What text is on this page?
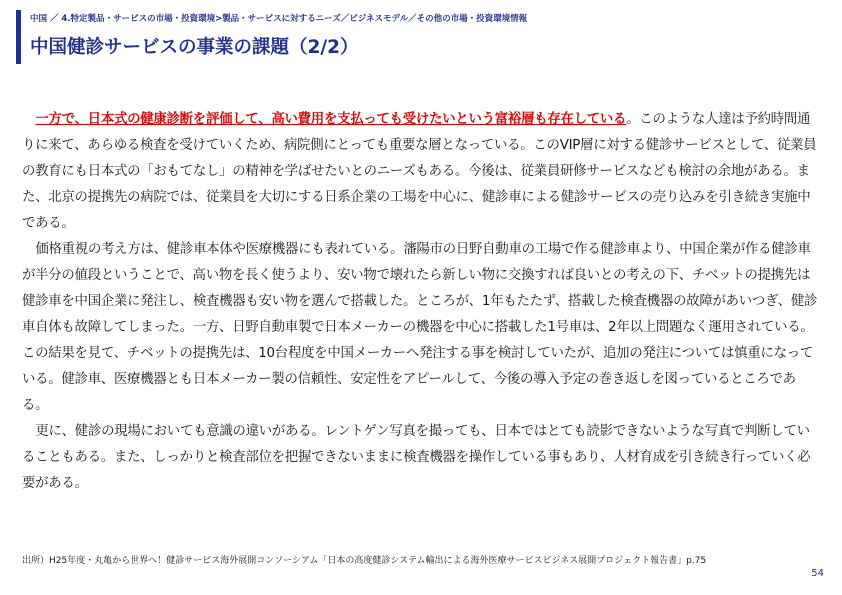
中国 ／ 4.特定製品・サービスの市場・投資環境>製品・サービスに対するニーズ／ビジネスモデル／その他の市場・投資環境情報
中国健診サービスの事業の課題（2/2）

一方で、日本式の健康診断を評価して、高い費用を支払っても受けたいという富裕層も存在している。このような人達は予約時間通りに来て、あらゆる検査を受けていくため、病院側にとっても重要な層となっている。このVIP層に対する健診サービスとして、従業員の教育にも日本式の「おもてなし」の精神を学ばせたいとのニーズもある。今後は、従業員研修サービスなども検討の余地がある。また、北京の提携先の病院では、従業員を大切にする日系企業の工場を中心に、健診車による健診サービスの売り込みを引き続き実施中である。

価格重視の考え方は、健診車本体や医療機器にも表れている。瀋陽市の日野自動車の工場で作る健診車より、中国企業が作る健診車が半分の値段ということで、高い物を長く使うより、安い物で壊れたら新しい物に交換すれば良いとの考えの下、チベットの提携先は健診車を中国企業に発注し、検査機器も安い物を選んで搭載した。ところが、1年もたたず、搭載した検査機器の故障があいつぎ、健診車自体も故障してしまった。一方、日野自動車製で日本メーカーの機器を中心に搭載した1号車は、2年以上問題なく運用されている。この結果を見て、チベットの提携先は、10台程度を中国メーカーへ発注する事を検討していたが、追加の発注については慎重になっている。健診車、医療機器とも日本メーカー製の信頼性、安定性をアピールして、今後の導入予定の巻き返しを図っているところである。

更に、健診の現場においても意識の違いがある。レントゲン写真を撮っても、日本ではとても読影できないような写真で判断していることもある。また、しっかりと検査部位を把握できないままに検査機器を操作している事もあり、人材育成を引き続き行っていく必要がある。

出所）H25年度・丸亀から世界へ！健診サービス海外展開コンソーシアム「日本の高度健診システム輸出による海外医療サービスビジネス展開プロジェクト報告書」p.75
54
